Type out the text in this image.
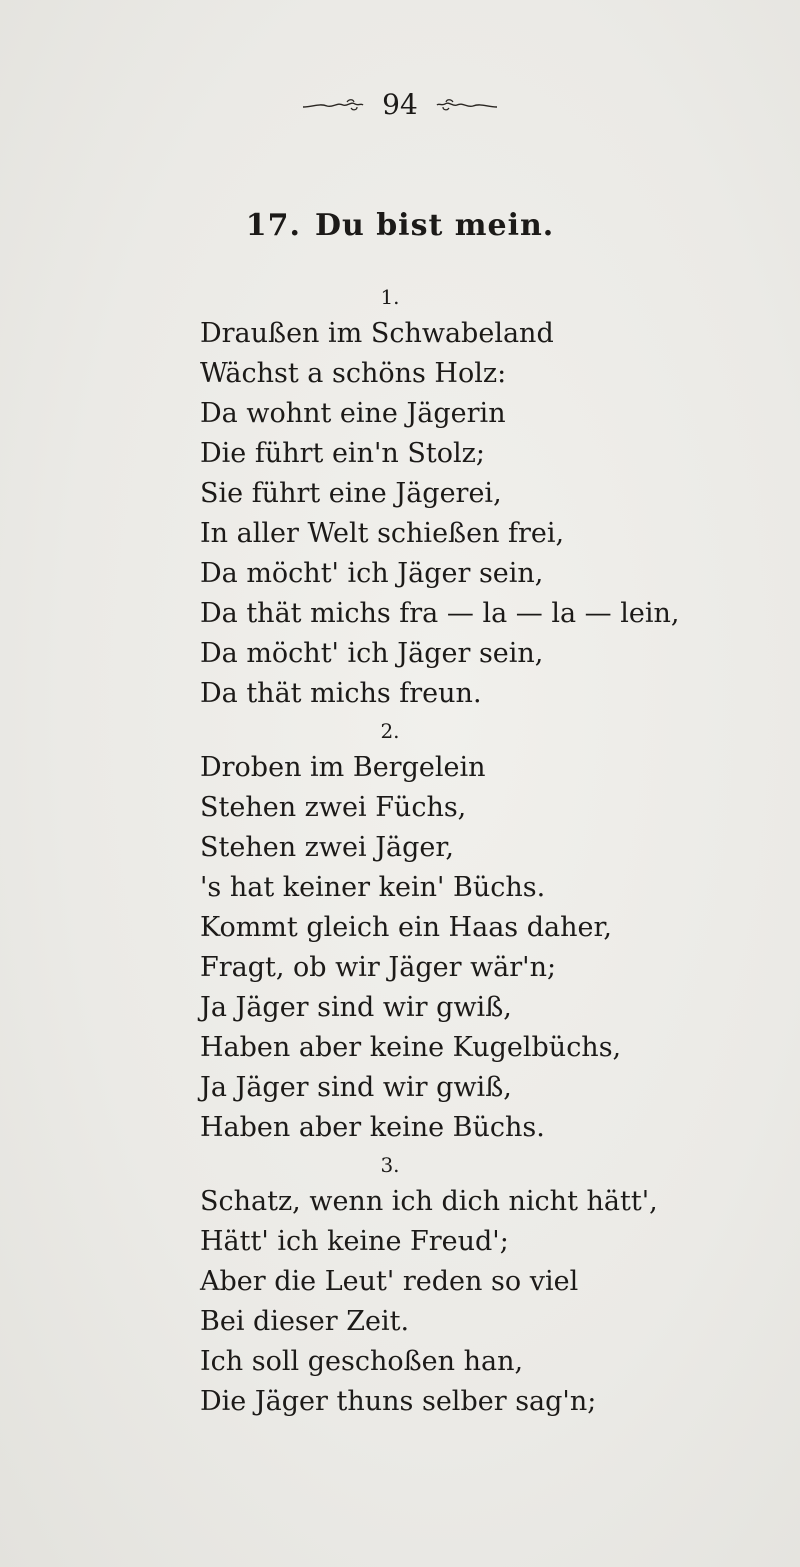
94
17. Du bist mein.
1.
Draußen im Schwabeland
Wächst a schöns Holz:
Da wohnt eine Jägerin
Die führt ein'n Stolz;
Sie führt eine Jägerei,
In aller Welt schießen frei,
Da möcht' ich Jäger sein,
Da thät michs fra — la — la — lein,
Da möcht' ich Jäger sein,
Da thät michs freun.
2.
Droben im Bergelein
Stehen zwei Füchs,
Stehen zwei Jäger,
's hat keiner kein' Büchs.
Kommt gleich ein Haas daher,
Fragt, ob wir Jäger wär'n;
Ja Jäger sind wir gwiß,
Haben aber keine Kugelbüchs,
Ja Jäger sind wir gwiß,
Haben aber keine Büchs.
3.
Schatz, wenn ich dich nicht hätt',
Hätt' ich keine Freud';
Aber die Leut' reden so viel
Bei dieser Zeit.
Ich soll geschoßen han,
Die Jäger thuns selber sag'n;
